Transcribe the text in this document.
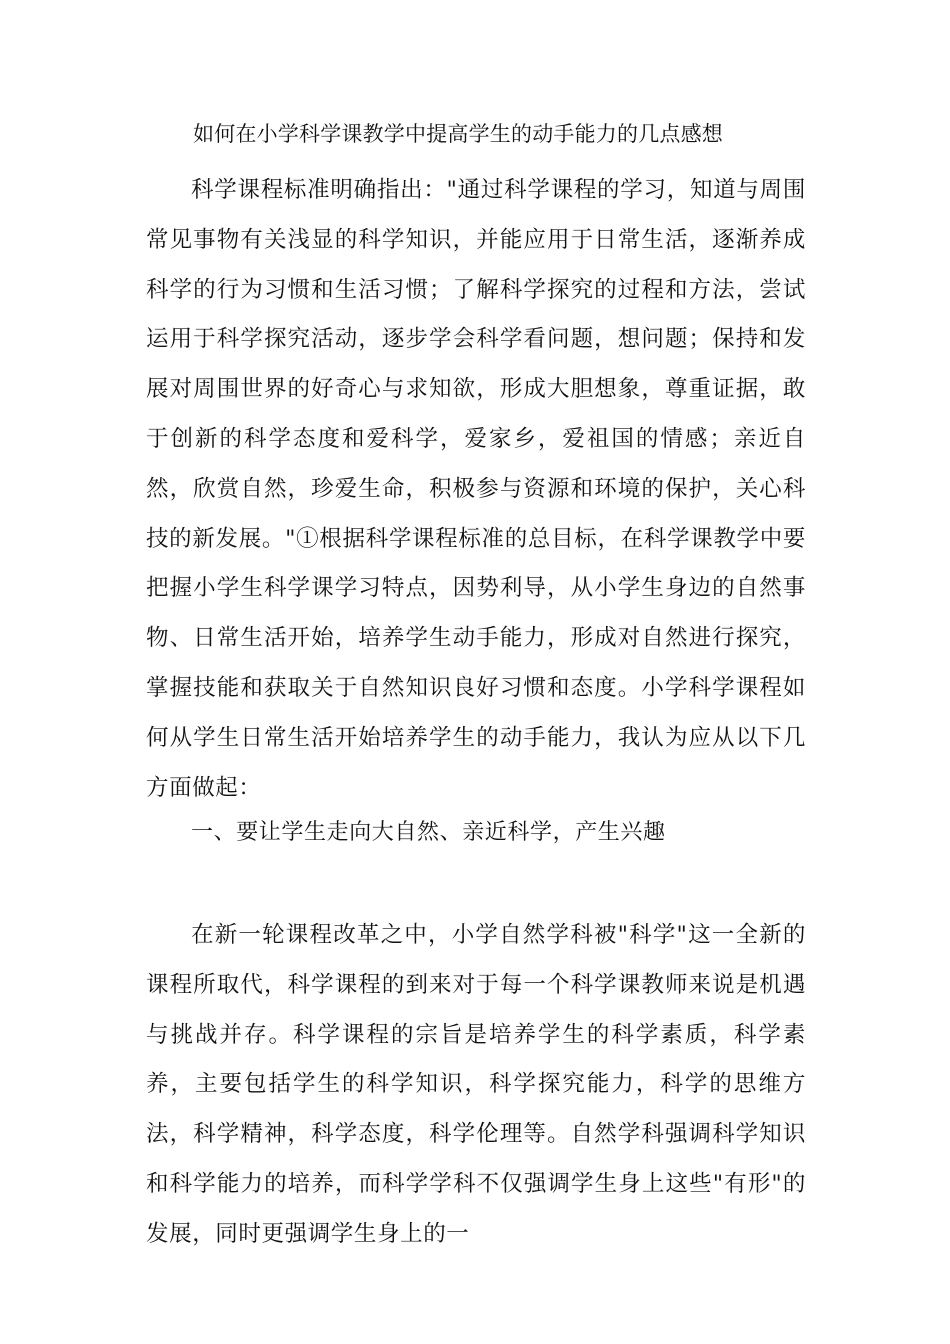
如何在小学科学课教学中提高学生的动手能力的几点感想

科学课程标准明确指出："通过科学课程的学习，知道与周围常见事物有关浅显的科学知识，并能应用于日常生活，逐渐养成科学的行为习惯和生活习惯；了解科学探究的过程和方法，尝试运用于科学探究活动，逐步学会科学看问题，想问题；保持和发展对周围世界的好奇心与求知欲，形成大胆想象，尊重证据，敢于创新的科学态度和爱科学，爱家乡，爱祖国的情感；亲近自然，欣赏自然，珍爱生命，积极参与资源和环境的保护，关心科技的新发展。"①根据科学课程标准的总目标，在科学课教学中要把握小学生科学课学习特点，因势利导，从小学生身边的自然事物、日常生活开始，培养学生动手能力，形成对自然进行探究，掌握技能和获取关于自然知识良好习惯和态度。小学科学课程如何从学生日常生活开始培养学生的动手能力，我认为应从以下几方面做起：

一、要让学生走向大自然、亲近科学，产生兴趣

在新一轮课程改革之中，小学自然学科被"科学"这一全新的课程所取代，科学课程的到来对于每一个科学课教师来说是机遇与挑战并存。科学课程的宗旨是培养学生的科学素质，科学素养，主要包括学生的科学知识，科学探究能力，科学的思维方法，科学精神，科学态度，科学伦理等。自然学科强调科学知识和科学能力的培养，而科学学科不仅强调学生身上这些"有形"的发展，同时更强调学生身上的一
